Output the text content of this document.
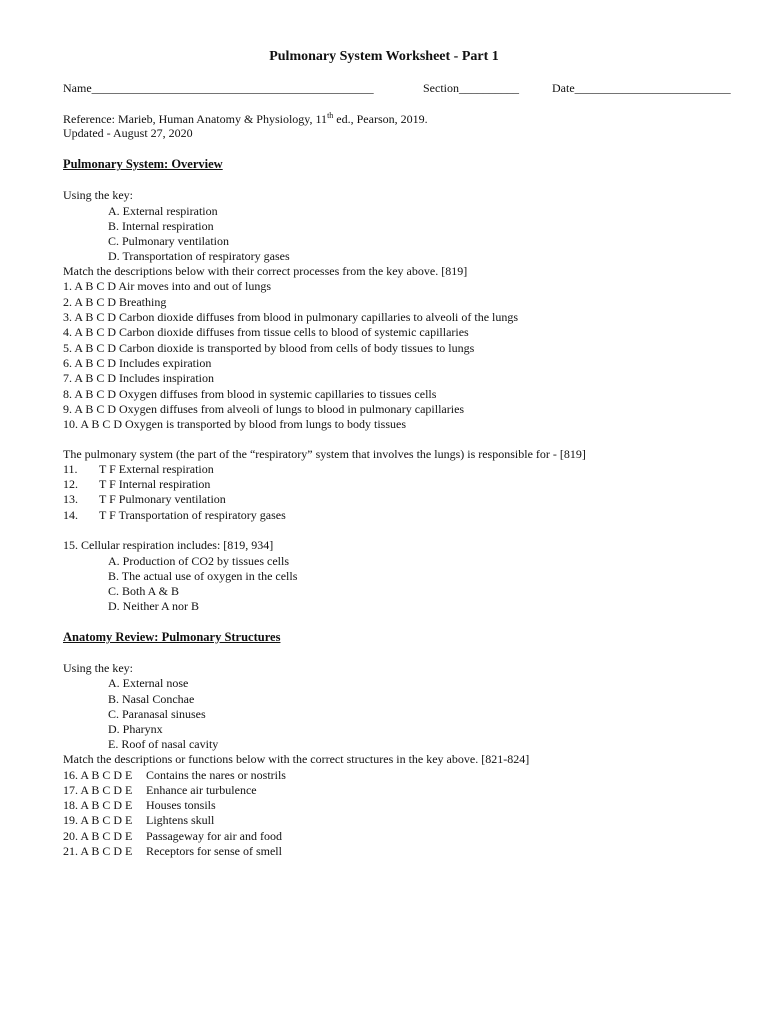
Pulmonary System Worksheet - Part 1
Name_______________________________________________	Section__________	Date__________________________
Reference: Marieb, Human Anatomy & Physiology, 11th ed., Pearson, 2019.
Updated - August 27, 2020
Pulmonary System: Overview
Using the key:
A. External respiration
B. Internal respiration
C. Pulmonary ventilation
D. Transportation of respiratory gases
Match the descriptions below with their correct processes from the key above. [819]
1. A B C D Air moves into and out of lungs
2. A B C D Breathing
3. A B C D Carbon dioxide diffuses from blood in pulmonary capillaries to alveoli of the lungs
4. A B C D Carbon dioxide diffuses from tissue cells to blood of systemic capillaries
5. A B C D Carbon dioxide is transported by blood from cells of body tissues to lungs
6. A B C D Includes expiration
7. A B C D Includes inspiration
8. A B C D Oxygen diffuses from blood in systemic capillaries to tissues cells
9. A B C D Oxygen diffuses from alveoli of lungs to blood in pulmonary capillaries
10. A B C D Oxygen is transported by blood from lungs to body tissues
The pulmonary system (the part of the “respiratory” system that involves the lungs) is responsible for - [819]
11. T F External respiration
12. T F Internal respiration
13. T F Pulmonary ventilation
14. T F Transportation of respiratory gases
15. Cellular respiration includes: [819, 934]
A. Production of CO2 by tissues cells
B. The actual use of oxygen in the cells
C. Both A & B
D. Neither A nor B
Anatomy Review: Pulmonary Structures
Using the key:
A. External nose
B. Nasal Conchae
C. Paranasal sinuses
D. Pharynx
E. Roof of nasal cavity
Match the descriptions or functions below with the correct structures in the key above. [821-824]
16. A B C D E Contains the nares or nostrils
17. A B C D E Enhance air turbulence
18. A B C D E Houses tonsils
19. A B C D E Lightens skull
20. A B C D E Passageway for air and food
21. A B C D E Receptors for sense of smell
